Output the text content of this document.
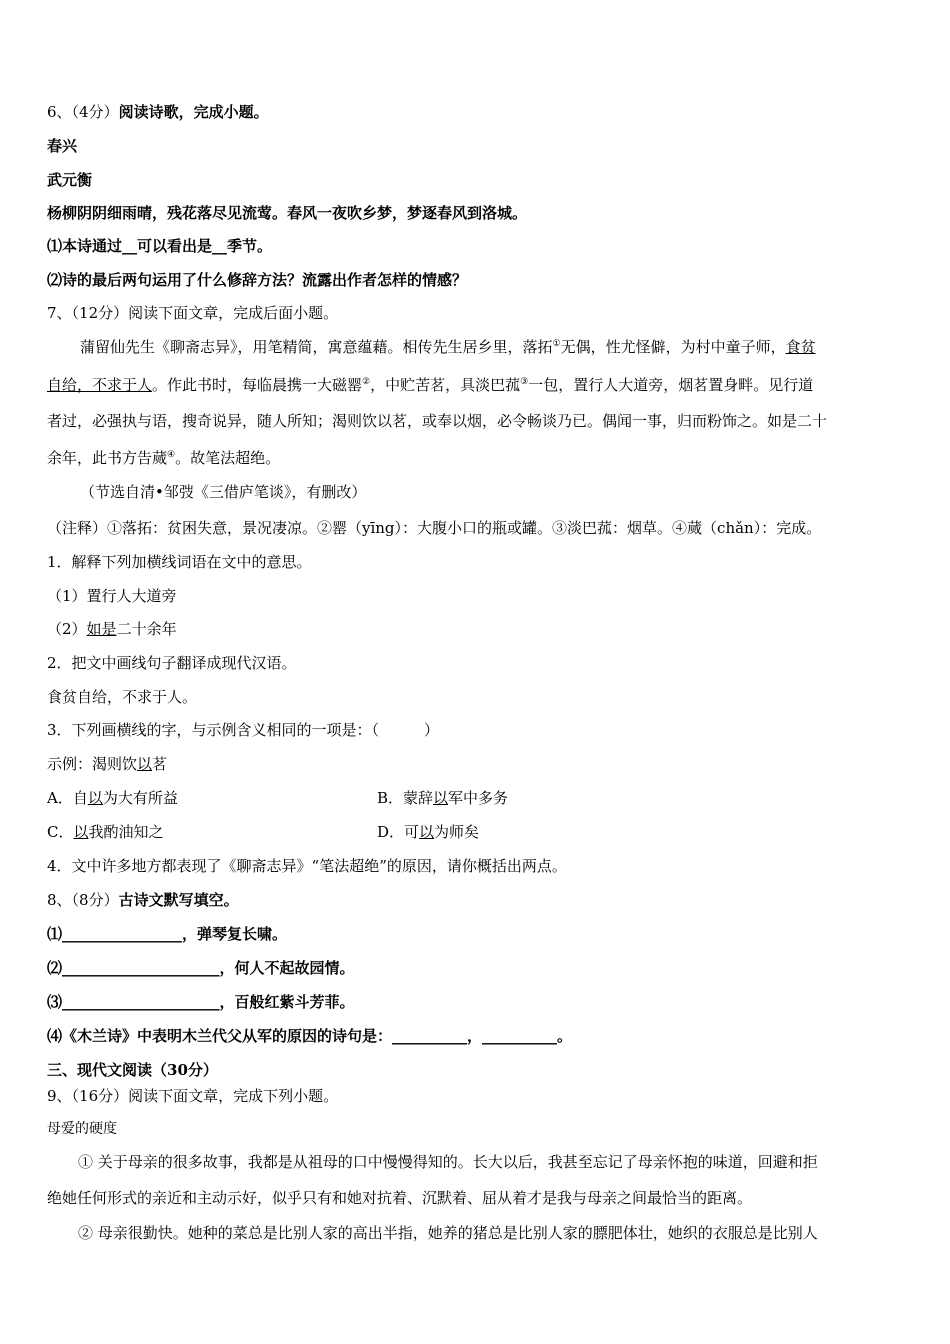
6、（4分）阅读诗歌，完成小题。
春兴
武元衡
杨柳阴阴细雨晴，残花落尽见流莺。春风一夜吹乡梦，梦逐春风到洛城。
⑴本诗通过__可以看出是__季节。
⑵诗的最后两句运用了什么修辞方法？流露出作者怎样的情感？
7、（12分）阅读下面文章，完成后面小题。
蒲留仙先生《聊斋志异》，用笔精简，寓意蕴藉。相传先生居乡里，落拓①无偶，性尤怪僻，为村中童子师，食贫
自给，不求于人。作此书时，每临晨携一大磁罂②，中贮苦茗，具淡巴菰③一包，置行人大道旁，烟茗置身畔。见行道
者过，必强执与语，搜奇说异，随人所知；渴则饮以茗，或奉以烟，必令畅谈乃已。偶闻一事，归而粉饰之。如是二十
余年，此书方告蒇④。故笔法超绝。
（节选自清•邹弢《三借庐笔谈》，有删改）
（注释）①落拓：贫困失意，景况凄凉。②罂（yīng）：大腹小口的瓶或罐。③淡巴菰：烟草。④蒇（chǎn）：完成。
1．解释下列加横线词语在文中的意思。
（1）置行人大道旁
（2）如是二十余年
2．把文中画线句子翻译成现代汉语。
食贫自给，不求于人。
3．下列画横线的字，与示例含义相同的一项是：（　　　）
示例：渴则饮以茗
A．自以为大有所益	B．蒙辞以军中多务
C．以我酌油知之	D．可以为师矣
4．文中许多地方都表现了《聊斋志异》“笔法超绝”的原因，请你概括出两点。
8、（8分）古诗文默写填空。
⑴________________，弹琴复长啸。
⑵_____________________，何人不起故园情。
⑶_____________________，百般红紫斗芳菲。
⑷《木兰诗》中表明木兰代父从军的原因的诗句是：__________，__________。
三、现代文阅读（30分）
9、（16分）阅读下面文章，完成下列小题。
母爱的硬度
① 关于母亲的很多故事，我都是从祖母的口中慢慢得知的。长大以后，我甚至忘记了母亲怀抱的味道，回避和拒
绝她任何形式的亲近和主动示好，似乎只有和她对抗着、沉默着、屈从着才是我与母亲之间最恰当的距离。
② 母亲很勤快。她种的菜总是比别人家的高出半指，她养的猪总是比别人家的膘肥体壮，她织的衣服总是比别人
